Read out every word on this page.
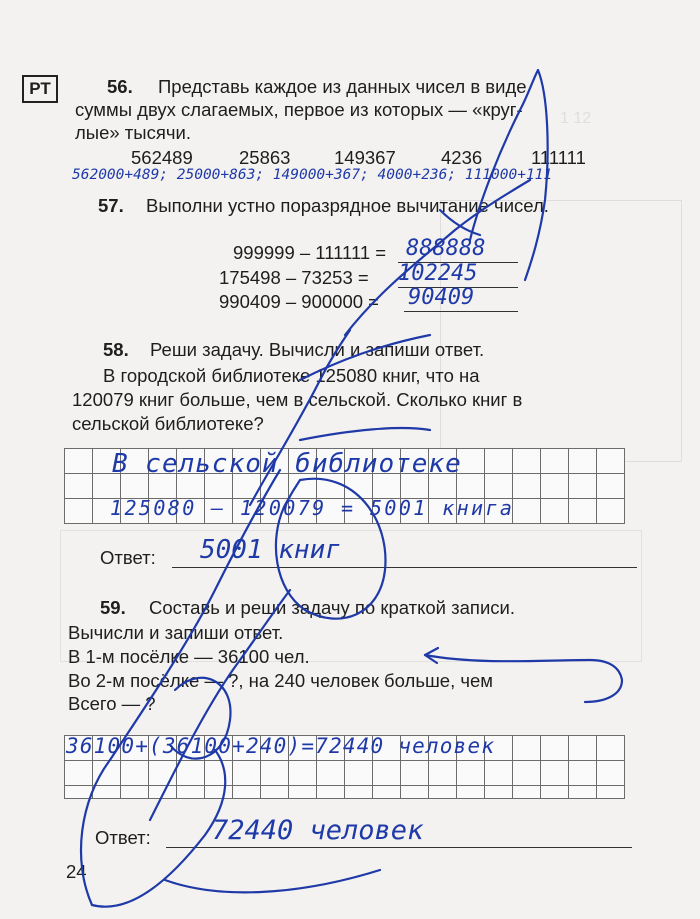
1 12
РТ	56. Представь каждое из данных чисел в виде
суммы двух слагаемых, первое из которых — «круг-
лые» тысячи.
562489	25863 149367 4236	111111
562000+489; 25000+863; 149000+367; 4000+236; 111000+111
57. Выполни устно поразрядное вычитание чисел.
999999 – 111111 = 888888
175498 – 73253 = 102245
990409 – 900000 = 90409
58. Реши задачу. Вычисли и запиши ответ.
В городской библиотеке 125080 книг, что на
120079 книг больше, чем в сельской. Сколько книг в
сельской библиотеке?
В сельской библиотеке
125080 – 120079 = 5001 книга
Ответ: 5001 книг
59. Составь и реши задачу по краткой записи.
Вычисли и запиши ответ.
В 1-м посёлке — 36100 чел.
Во 2-м посёлке — ?, на 240 человек больше, чем
Всего — ?
36100+(36100+240)=72440 человек
Ответ: 72440 человек
24
